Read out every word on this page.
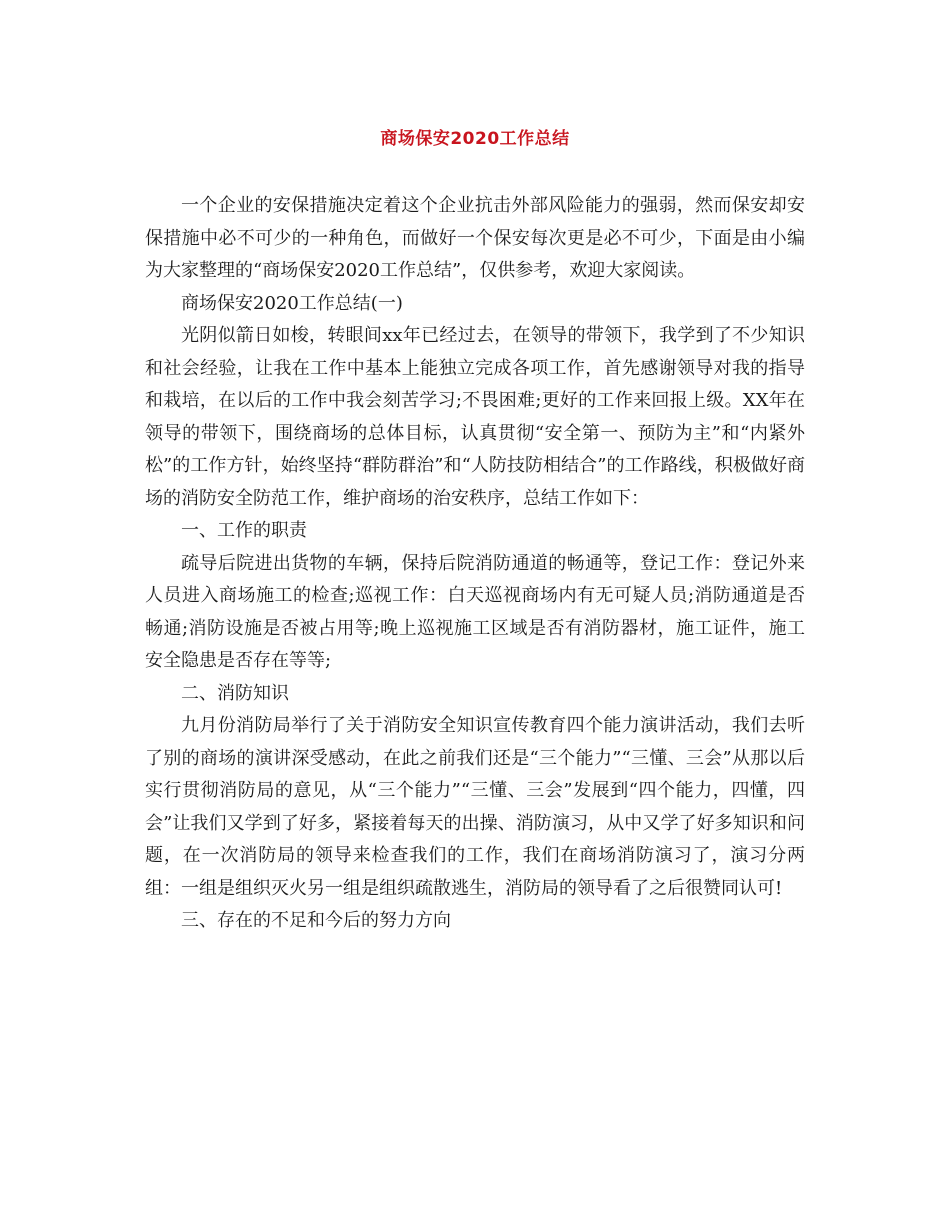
商场保安2020工作总结

一个企业的安保措施决定着这个企业抗击外部风险能力的强弱，然而保安却安保措施中必不可少的一种角色，而做好一个保安每次更是必不可少，下面是由小编为大家整理的“商场保安2020工作总结”，仅供参考，欢迎大家阅读。

商场保安2020工作总结(一)

光阴似箭日如梭，转眼间xx年已经过去，在领导的带领下，我学到了不少知识和社会经验，让我在工作中基本上能独立完成各项工作，首先感谢领导对我的指导和栽培，在以后的工作中我会刻苦学习;不畏困难;更好的工作来回报上级。XX年在领导的带领下，围绕商场的总体目标，认真贯彻“安全第一、预防为主”和“内紧外松”的工作方针，始终坚持“群防群治”和“人防技防相结合”的工作路线，积极做好商场的消防安全防范工作，维护商场的治安秩序，总结工作如下：

一、工作的职责

疏导后院进出货物的车辆，保持后院消防通道的畅通等，登记工作：登记外来人员进入商场施工的检查;巡视工作：白天巡视商场内有无可疑人员;消防通道是否畅通;消防设施是否被占用等;晚上巡视施工区域是否有消防器材，施工证件，施工安全隐患是否存在等等;

二、消防知识

九月份消防局举行了关于消防安全知识宣传教育四个能力演讲活动，我们去听了别的商场的演讲深受感动，在此之前我们还是“三个能力”“三懂、三会”从那以后实行贯彻消防局的意见，从“三个能力”“三懂、三会”发展到“四个能力，四懂，四会”让我们又学到了好多，紧接着每天的出操、消防演习，从中又学了好多知识和问题，在一次消防局的领导来检查我们的工作，我们在商场消防演习了，演习分两组：一组是组织灭火另一组是组织疏散逃生，消防局的领导看了之后很赞同认可!

三、存在的不足和今后的努力方向
